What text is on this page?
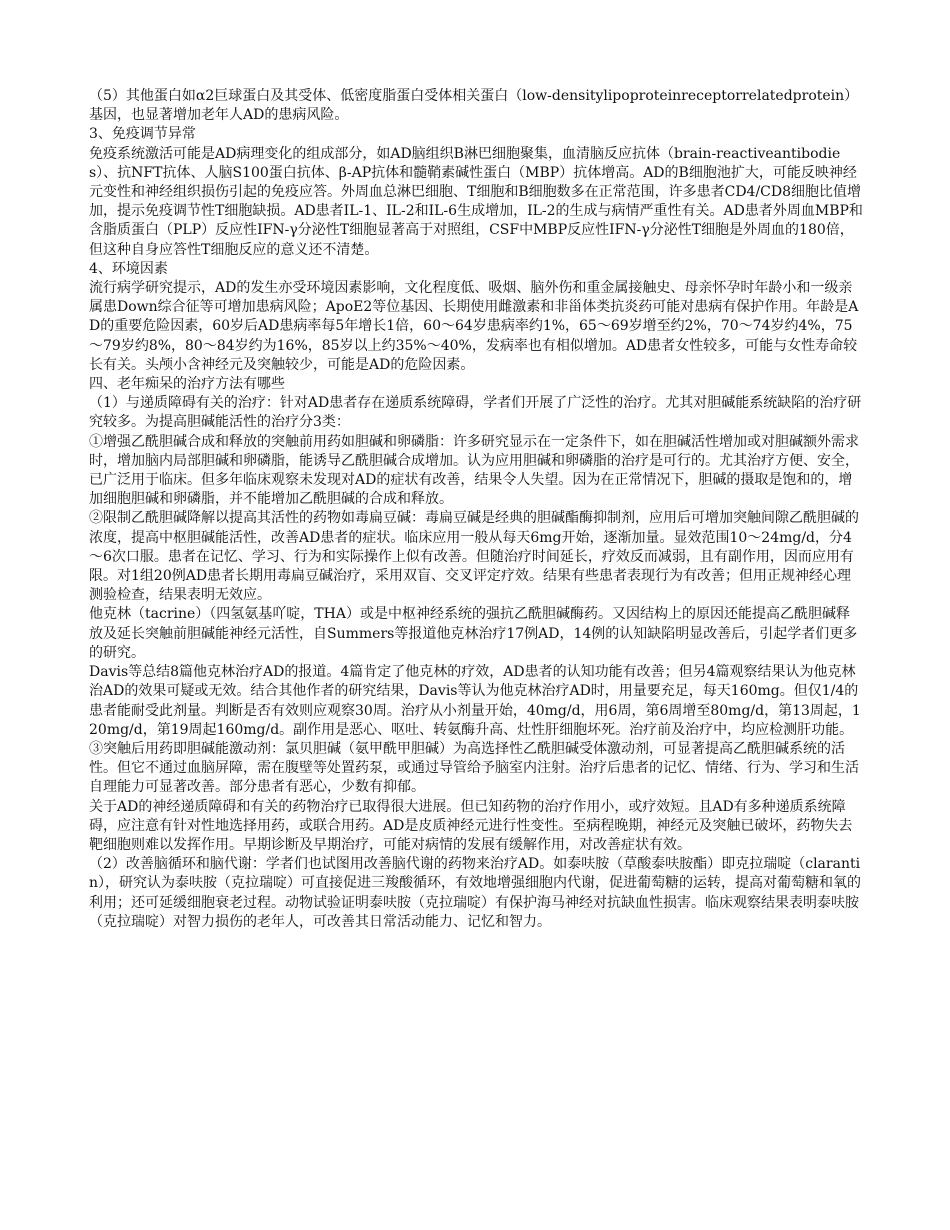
（5）其他蛋白如α2巨球蛋白及其受体、低密度脂蛋白受体相关蛋白（low-densitylipoproteinreceptorrelatedprotein）基因，也显著增加老年人AD的患病风险。

3、免疫调节异常

免疫系统激活可能是AD病理变化的组成部分，如AD脑组织B淋巴细胞聚集，血清脑反应抗体（brain-reactiveantibodies）、抗NFT抗体、人脑S100蛋白抗体、β-AP抗体和髓鞘素碱性蛋白（MBP）抗体增高。AD的B细胞池扩大，可能反映神经元变性和神经组织损伤引起的免疫应答。外周血总淋巴细胞、T细胞和B细胞数多在正常范围，许多患者CD4/CD8细胞比值增加，提示免疫调节性T细胞缺损。AD患者IL-1、IL-2和IL-6生成增加，IL-2的生成与病情严重性有关。AD患者外周血MBP和含脂质蛋白（PLP）反应性IFN-γ分泌性T细胞显著高于对照组，CSF中MBP反应性IFN-γ分泌性T细胞是外周血的180倍，但这种自身应答性T细胞反应的意义还不清楚。

4、环境因素

流行病学研究提示，AD的发生亦受环境因素影响，文化程度低、吸烟、脑外伤和重金属接触史、母亲怀孕时年龄小和一级亲属患Down综合征等可增加患病风险；ApoE2等位基因、长期使用雌激素和非甾体类抗炎药可能对患病有保护作用。年龄是AD的重要危险因素，60岁后AD患病率每5年增长1倍，60～64岁患病率约1%，65～69岁增至约2%，70～74岁约4%，75～79岁约8%，80～84岁约为16%，85岁以上约35%～40%，发病率也有相似增加。AD患者女性较多，可能与女性寿命较长有关。头颅小含神经元及突触较少，可能是AD的危险因素。

四、老年痴呆的治疗方法有哪些

（1）与递质障碍有关的治疗：针对AD患者存在递质系统障碍，学者们开展了广泛性的治疗。尤其对胆碱能系统缺陷的治疗研究较多。为提高胆碱能活性的治疗分3类：

①增强乙酰胆碱合成和释放的突触前用药如胆碱和卵磷脂：许多研究显示在一定条件下，如在胆碱活性增加或对胆碱额外需求时，增加脑内局部胆碱和卵磷脂，能诱导乙酰胆碱合成增加。认为应用胆碱和卵磷脂的治疗是可行的。尤其治疗方便、安全，已广泛用于临床。但多年临床观察未发现对AD的症状有改善，结果令人失望。因为在正常情况下，胆碱的摄取是饱和的，增加细胞胆碱和卵磷脂，并不能增加乙酰胆碱的合成和释放。

②限制乙酰胆碱降解以提高其活性的药物如毒扁豆碱：毒扁豆碱是经典的胆碱酯酶抑制剂，应用后可增加突触间隙乙酰胆碱的浓度，提高中枢胆碱能活性，改善AD患者的症状。临床应用一般从每天6mg开始，逐渐加量。显效范围10～24mg/d，分4～6次口服。患者在记忆、学习、行为和实际操作上似有改善。但随治疗时间延长，疗效反而减弱，且有副作用，因而应用有限。对1组20例AD患者长期用毒扁豆碱治疗，采用双盲、交叉评定疗效。结果有些患者表现行为有改善；但用正规神经心理测验检查，结果表明无效应。

他克林（tacrine）（四氢氨基吖啶，THA）或是中枢神经系统的强抗乙酰胆碱酶药。又因结构上的原因还能提高乙酰胆碱释放及延长突触前胆碱能神经元活性，自Summers等报道他克林治疗17例AD，14例的认知缺陷明显改善后，引起学者们更多的研究。

Davis等总结8篇他克林治疗AD的报道。4篇肯定了他克林的疗效，AD患者的认知功能有改善；但另4篇观察结果认为他克林治AD的效果可疑或无效。结合其他作者的研究结果，Davis等认为他克林治疗AD时，用量要充足，每天160mg。但仅1/4的患者能耐受此剂量。判断是否有效则应观察30周。治疗从小剂量开始，40mg/d，用6周，第6周增至80mg/d，第13周起，120mg/d，第19周起160mg/d。副作用是恶心、呕吐、转氨酶升高、灶性肝细胞坏死。治疗前及治疗中，均应检测肝功能。

③突触后用药即胆碱能激动剂：氯贝胆碱（氨甲酰甲胆碱）为高选择性乙酰胆碱受体激动剂，可显著提高乙酰胆碱系统的活性。但它不通过血脑屏障，需在腹壁等处置药泵，或通过导管给予脑室内注射。治疗后患者的记忆、情绪、行为、学习和生活自理能力可显著改善。部分患者有恶心，少数有抑郁。

关于AD的神经递质障碍和有关的药物治疗已取得很大进展。但已知药物的治疗作用小，或疗效短。且AD有多种递质系统障碍，应注意有针对性地选择用药，或联合用药。AD是皮质神经元进行性变性。至病程晚期，神经元及突触已破坏，药物失去靶细胞则难以发挥作用。早期诊断及早期治疗，可能对病情的发展有缓解作用，对改善症状有效。

（2）改善脑循环和脑代谢：学者们也试图用改善脑代谢的药物来治疗AD。如泰呋胺（草酸泰呋胺酯）即克拉瑞啶（clarantin），研究认为泰呋胺（克拉瑞啶）可直接促进三羧酸循环，有效地增强细胞内代谢，促进葡萄糖的运转，提高对葡萄糖和氧的利用；还可延缓细胞衰老过程。动物试验证明泰呋胺（克拉瑞啶）有保护海马神经对抗缺血性损害。临床观察结果表明泰呋胺（克拉瑞啶）对智力损伤的老年人，可改善其日常活动能力、记忆和智力。
